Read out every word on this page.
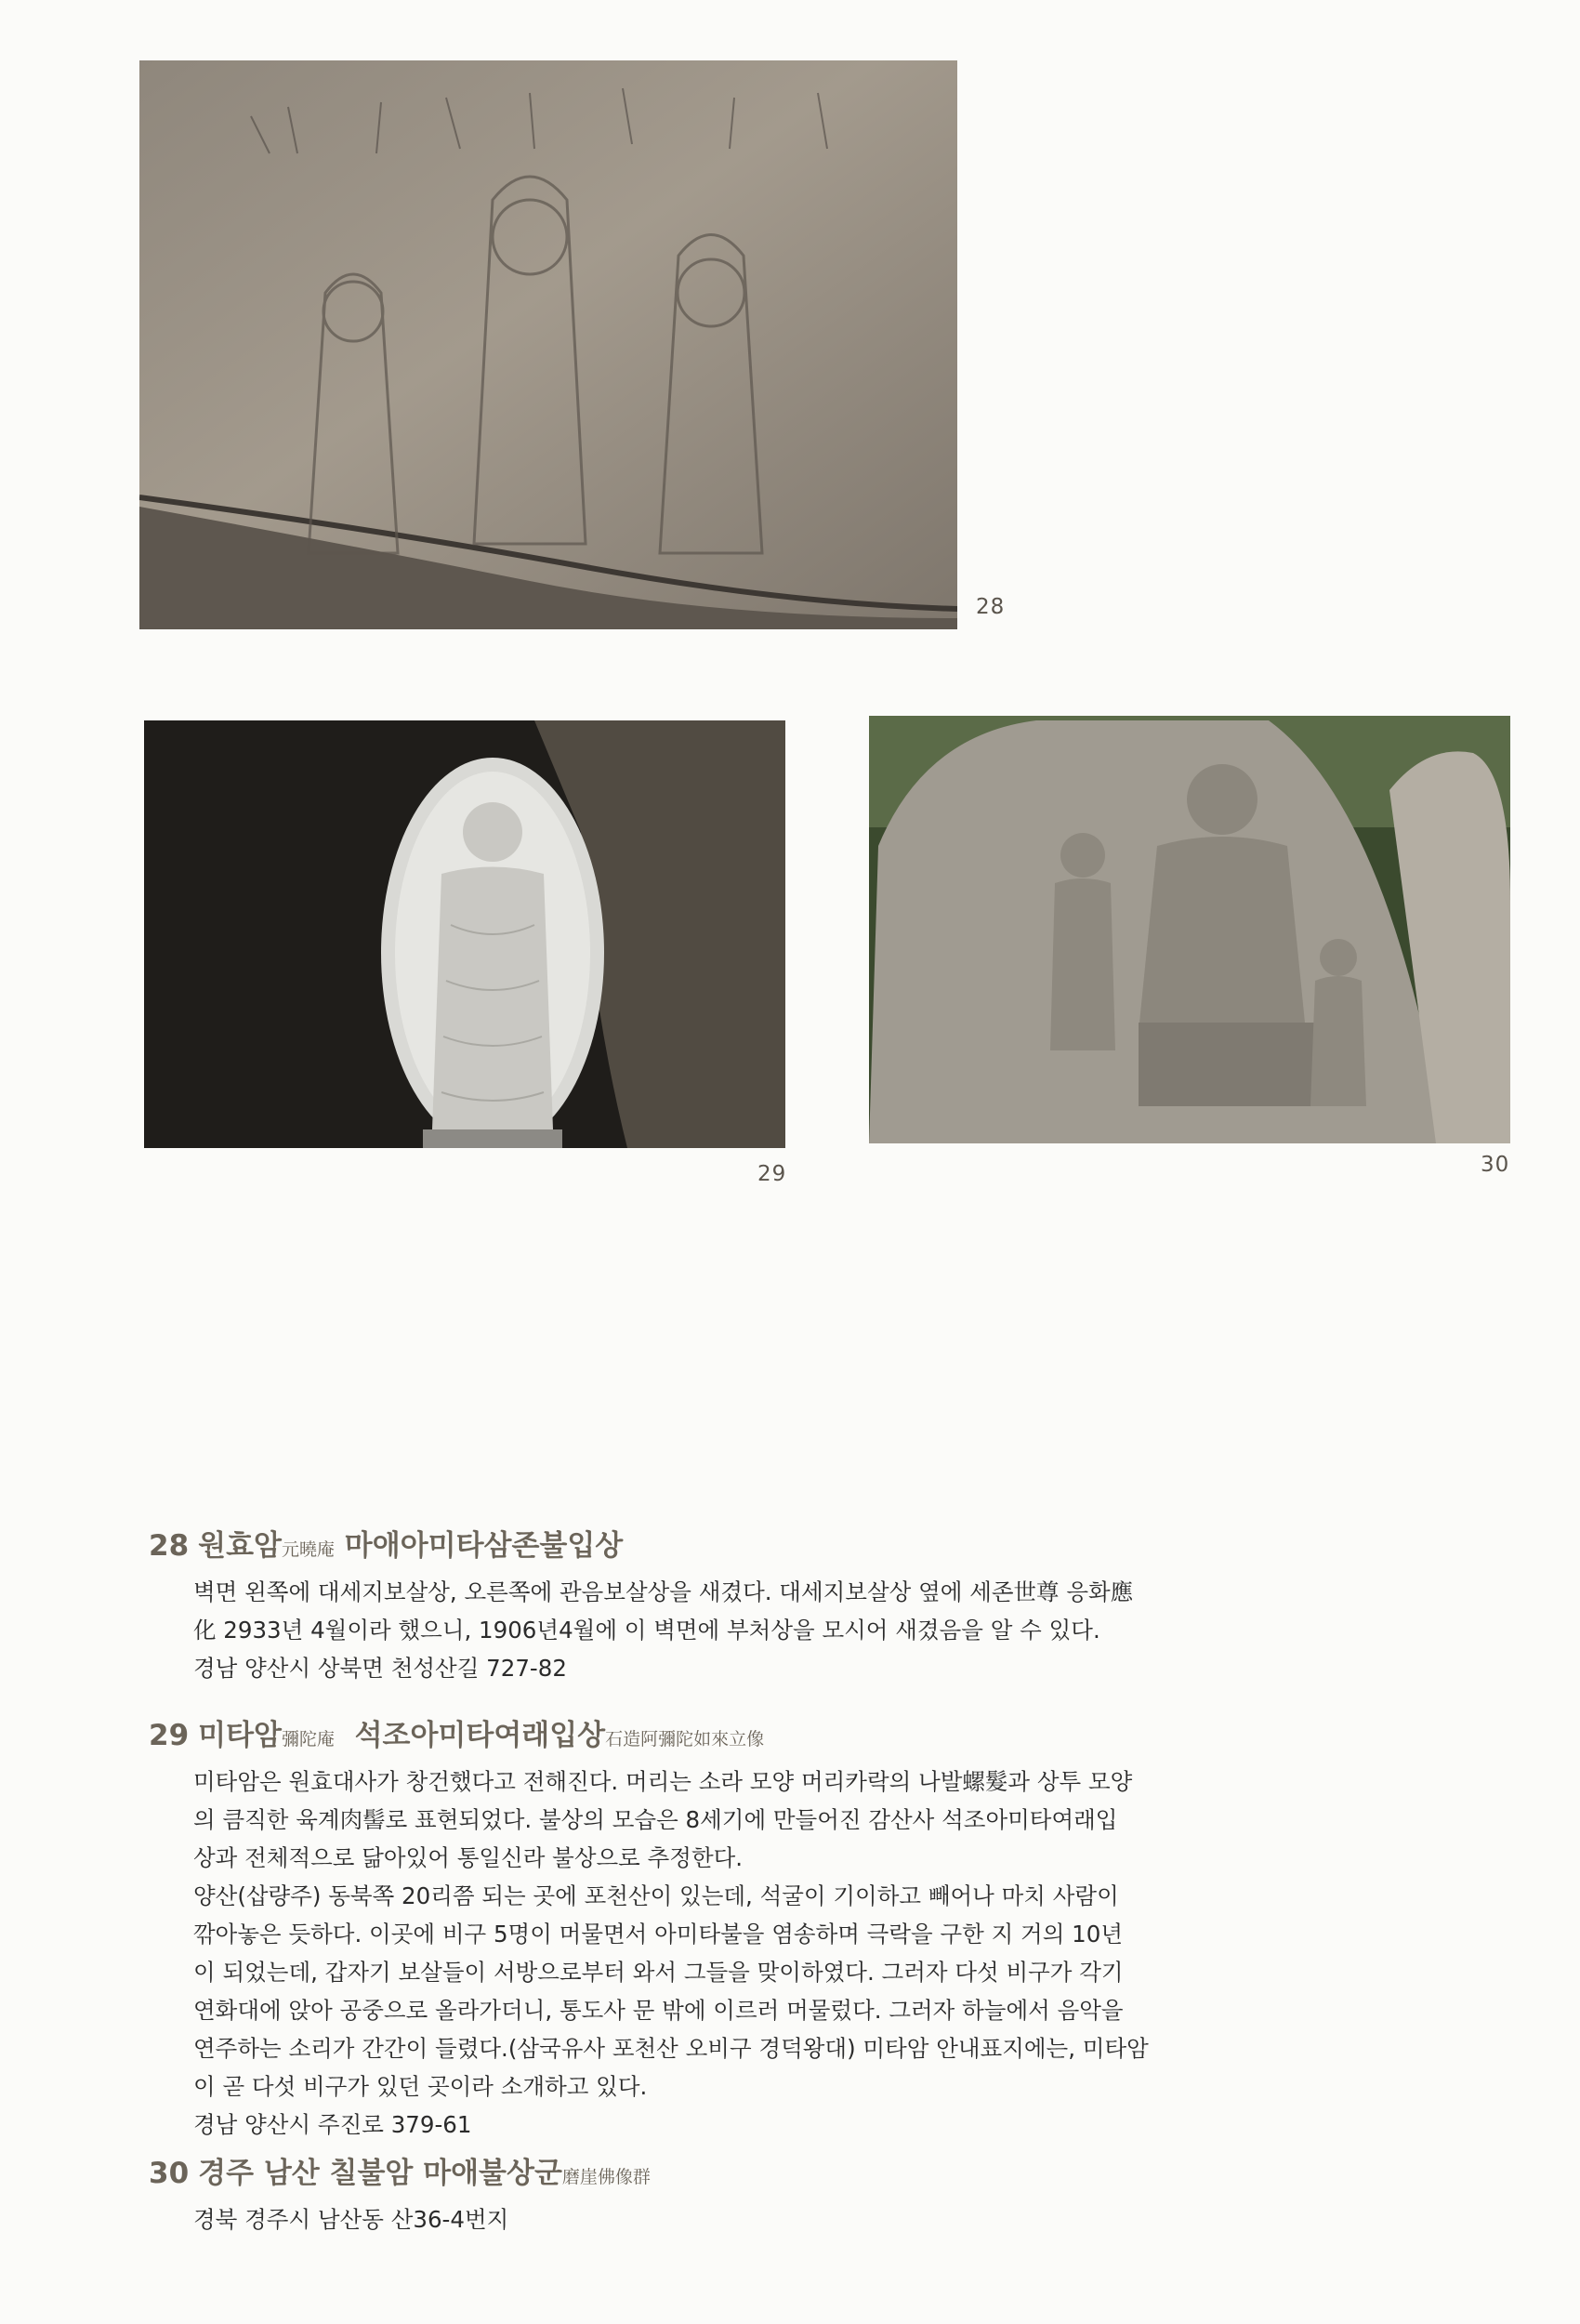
28
29	30
28 원효암元曉庵 마애아미타삼존불입상
벽면 왼쪽에 대세지보살상, 오른쪽에 관음보살상을 새겼다. 대세지보살상 옆에 세존世尊 응화應
化 2933년 4월이라 했으니, 1906년4월에 이 벽면에 부처상을 모시어 새겼음을 알 수 있다.
경남 양산시 상북면 천성산길 727-82
29 미타암彌陀庵 석조아미타여래입상石造阿彌陀如來立像
미타암은 원효대사가 창건했다고 전해진다. 머리는 소라 모양 머리카락의 나발螺髮과 상투 모양
의 큼직한 육계肉髻로 표현되었다. 불상의 모습은 8세기에 만들어진 감산사 석조아미타여래입
상과 전체적으로 닮아있어 통일신라 불상으로 추정한다.
양산(삽량주) 동북쪽 20리쯤 되는 곳에 포천산이 있는데, 석굴이 기이하고 빼어나 마치 사람이
깎아놓은 듯하다. 이곳에 비구 5명이 머물면서 아미타불을 염송하며 극락을 구한 지 거의 10년
이 되었는데, 갑자기 보살들이 서방으로부터 와서 그들을 맞이하였다. 그러자 다섯 비구가 각기
연화대에 앉아 공중으로 올라가더니, 통도사 문 밖에 이르러 머물렀다. 그러자 하늘에서 음악을
연주하는 소리가 간간이 들렸다.(삼국유사 포천산 오비구 경덕왕대) 미타암 안내표지에는, 미타암
이 곧 다섯 비구가 있던 곳이라 소개하고 있다.
경남 양산시 주진로 379-61
30 경주 남산 칠불암 마애불상군磨崖佛像群
경북 경주시 남산동 산36-4번지
